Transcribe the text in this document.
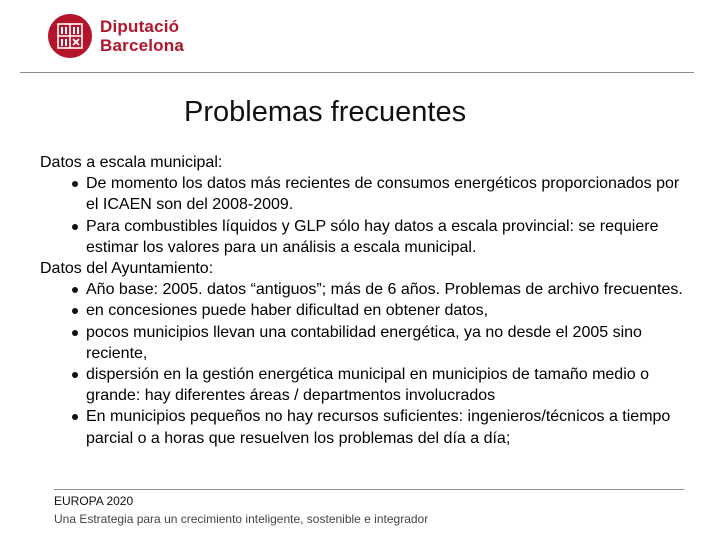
Diputació
Barcelona
Problemas frecuentes
Datos a escala municipal:
De momento los datos más recientes de consumos energéticos proporcionados por el ICAEN son del 2008-2009.
Para combustibles líquidos y GLP sólo hay datos a escala provincial: se requiere estimar los valores para un análisis a escala municipal.
Datos del Ayuntamiento:
Año base: 2005. datos “antiguos”; más de 6 años. Problemas de archivo frecuentes.
en concesiones puede haber dificultad en obtener datos,
pocos municipios llevan una contabilidad energética, ya no desde el 2005 sino reciente,
dispersión en la gestión energética municipal en municipios de tamaño medio o grande: hay diferentes áreas / departmentos involucrados
En municipios pequeños no hay recursos suficientes: ingenieros/técnicos a tiempo parcial o a horas que resuelven los problemas del día a día;
EUROPA 2020
Una Estrategia para un crecimiento inteligente, sostenible e integrador
